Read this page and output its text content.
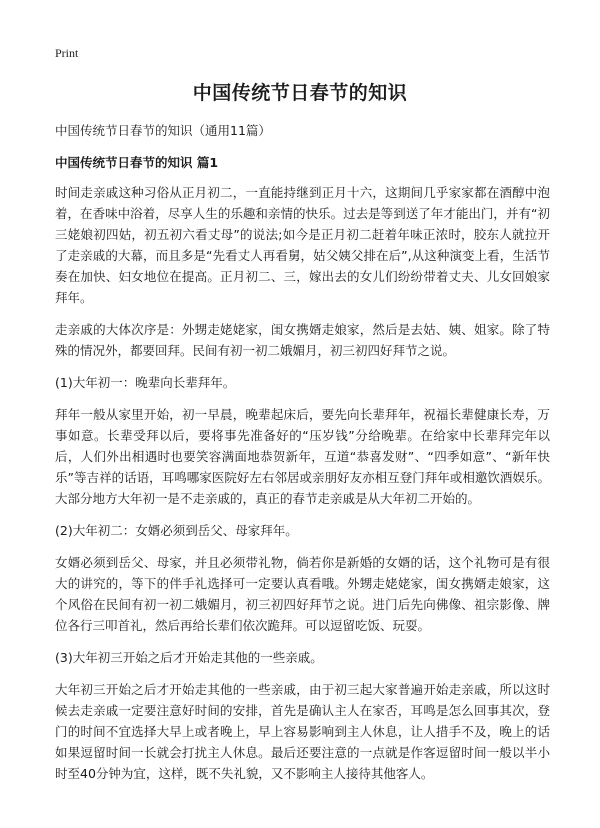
Print
中国传统节日春节的知识

中国传统节日春节的知识（通用11篇）

中国传统节日春节的知识 篇1

时间走亲戚这种习俗从正月初二，一直能持继到正月十六，这期间几乎家家都在酒醇中泡着，在香味中浴着，尽享人生的乐趣和亲情的快乐。过去是等到送了年才能出门，并有“初三姥娘初四姑，初五初六看丈母”的说法;如今是正月初二赶着年味正浓时，胶东人就拉开了走亲戚的大幕，而且多是“先看丈人再看舅，姑父姨父排在后”,从这种演变上看，生活节奏在加快、妇女地位在提高。正月初二、三，嫁出去的女儿们纷纷带着丈夫、儿女回娘家拜年。

走亲戚的大体次序是：外甥走姥姥家，闺女携婿走娘家，然后是去姑、姨、姐家。除了特殊的情况外，都要回拜。民间有初一初二娥媚月，初三初四好拜节之说。

(1)大年初一：晚辈向长辈拜年。

拜年一般从家里开始，初一早晨，晚辈起床后，要先向长辈拜年，祝福长辈健康长寿，万事如意。长辈受拜以后，要将事先准备好的“压岁钱”分给晚辈。在给家中长辈拜完年以后，人们外出相遇时也要笑容满面地恭贺新年，互道“恭喜发财”、“四季如意”、“新年快乐”等吉祥的话语，耳鸣哪家医院好左右邻居或亲朋好友亦相互登门拜年或相邀饮酒娱乐。大部分地方大年初一是不走亲戚的，真正的春节走亲戚是从大年初二开始的。

(2)大年初二：女婿必须到岳父、母家拜年。

女婿必须到岳父、母家，并且必须带礼物，倘若你是新婚的女婿的话，这个礼物可是有很大的讲究的，等下的伴手礼选择可一定要认真看哦。外甥走姥姥家，闺女携婿走娘家，这个风俗在民间有初一初二娥媚月，初三初四好拜节之说。进门后先向佛像、祖宗影像、牌位各行三叩首礼，然后再给长辈们依次跪拜。可以逗留吃饭、玩耍。

(3)大年初三开始之后才开始走其他的一些亲戚。

大年初三开始之后才开始走其他的一些亲戚，由于初三起大家普遍开始走亲戚，所以这时候去走亲戚一定要注意好时间的安排，首先是确认主人在家否，耳鸣是怎么回事其次，登门的时间不宜选择大早上或者晚上，早上容易影响到主人休息，让人措手不及，晚上的话如果逗留时间一长就会打扰主人休息。最后还要注意的一点就是作客逗留时间一般以半小时至40分钟为宜，这样，既不失礼貌，又不影响主人接待其他客人。
